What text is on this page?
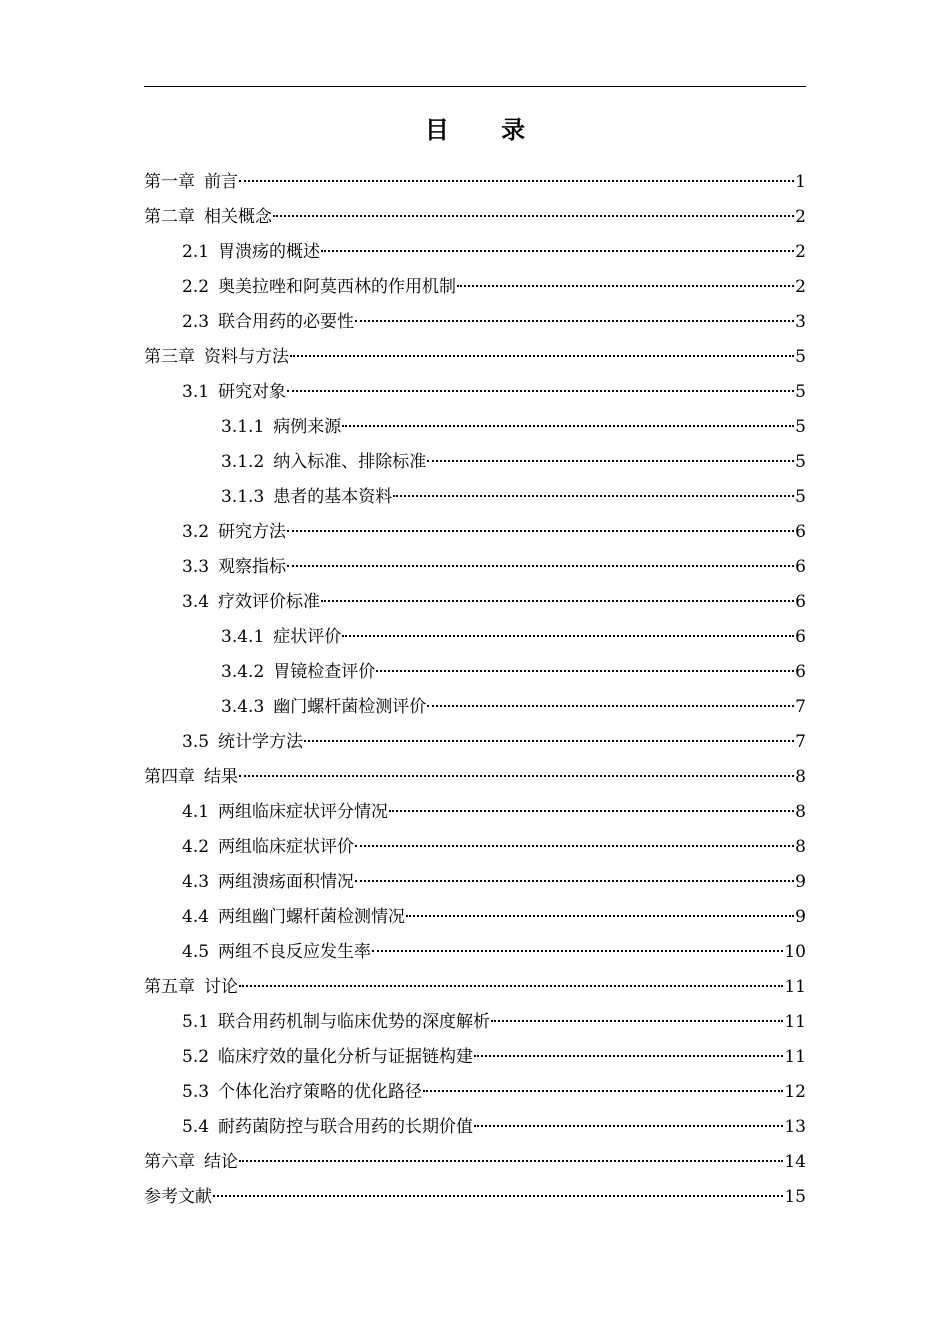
目 录
第一章 前言	1
第二章 相关概念	2
2.1 胃溃疡的概述	2
2.2 奥美拉唑和阿莫西林的作用机制	2
2.3 联合用药的必要性	3
第三章 资料与方法	5
3.1 研究对象	5
3.1.1 病例来源	5
3.1.2 纳入标准、排除标准	5
3.1.3 患者的基本资料	5
3.2 研究方法	6
3.3 观察指标	6
3.4 疗效评价标准	6
3.4.1 症状评价	6
3.4.2 胃镜检查评价	6
3.4.3 幽门螺杆菌检测评价	7
3.5 统计学方法	7
第四章 结果	8
4.1 两组临床症状评分情况	8
4.2 两组临床症状评价	8
4.3 两组溃疡面积情况	9
4.4 两组幽门螺杆菌检测情况	9
4.5 两组不良反应发生率	10
第五章 讨论	11
5.1 联合用药机制与临床优势的深度解析	11
5.2 临床疗效的量化分析与证据链构建	11
5.3 个体化治疗策略的优化路径	12
5.4 耐药菌防控与联合用药的长期价值	13
第六章 结论	14
参考文献	15
